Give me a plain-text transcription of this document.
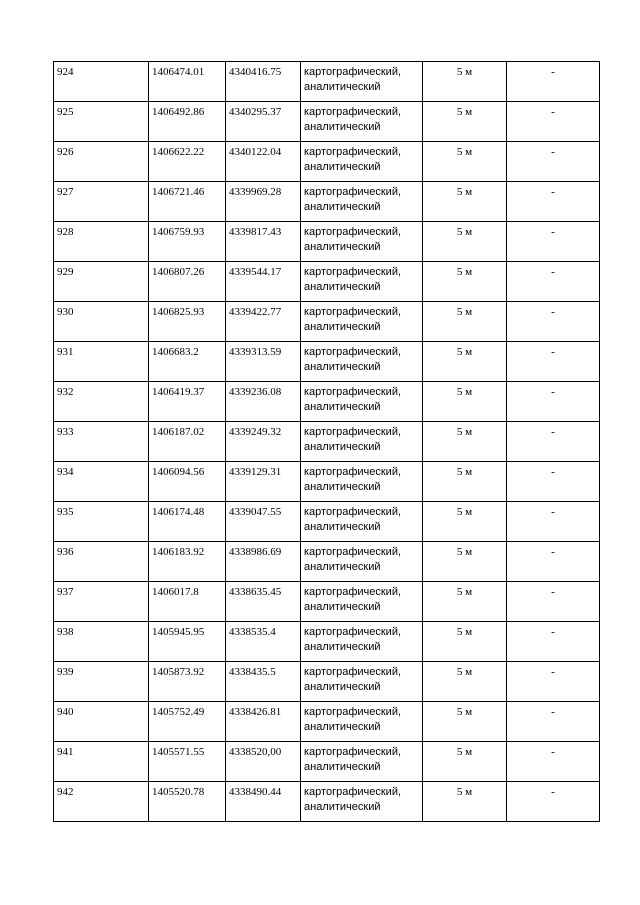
924	1406474.01	4340416.75	картографический, аналитический	5 м	-
925	1406492.86	4340295.37	картографический, аналитический	5 м	-
926	1406622.22	4340122.04	картографический, аналитический	5 м	-
927	1406721.46	4339969.28	картографический, аналитический	5 м	-
928	1406759.93	4339817.43	картографический, аналитический	5 м	-
929	1406807.26	4339544.17	картографический, аналитический	5 м	-
930	1406825.93	4339422.77	картографический, аналитический	5 м	-
931	1406683.2	4339313.59	картографический, аналитический	5 м	-
932	1406419.37	4339236.08	картографический, аналитический	5 м	-
933	1406187.02	4339249.32	картографический, аналитический	5 м	-
934	1406094.56	4339129.31	картографический, аналитический	5 м	-
935	1406174.48	4339047.55	картографический, аналитический	5 м	-
936	1406183.92	4338986.69	картографический, аналитический	5 м	-
937	1406017.8	4338635.45	картографический, аналитический	5 м	-
938	1405945.95	4338535.4	картографический, аналитический	5 м	-
939	1405873.92	4338435.5	картографический, аналитический	5 м	-
940	1405752.49	4338426.81	картографический, аналитический	5 м	-
941	1405571.55	4338520,00	картографический, аналитический	5 м	-
942	1405520.78	4338490.44	картографический, аналитический	5 м	-
